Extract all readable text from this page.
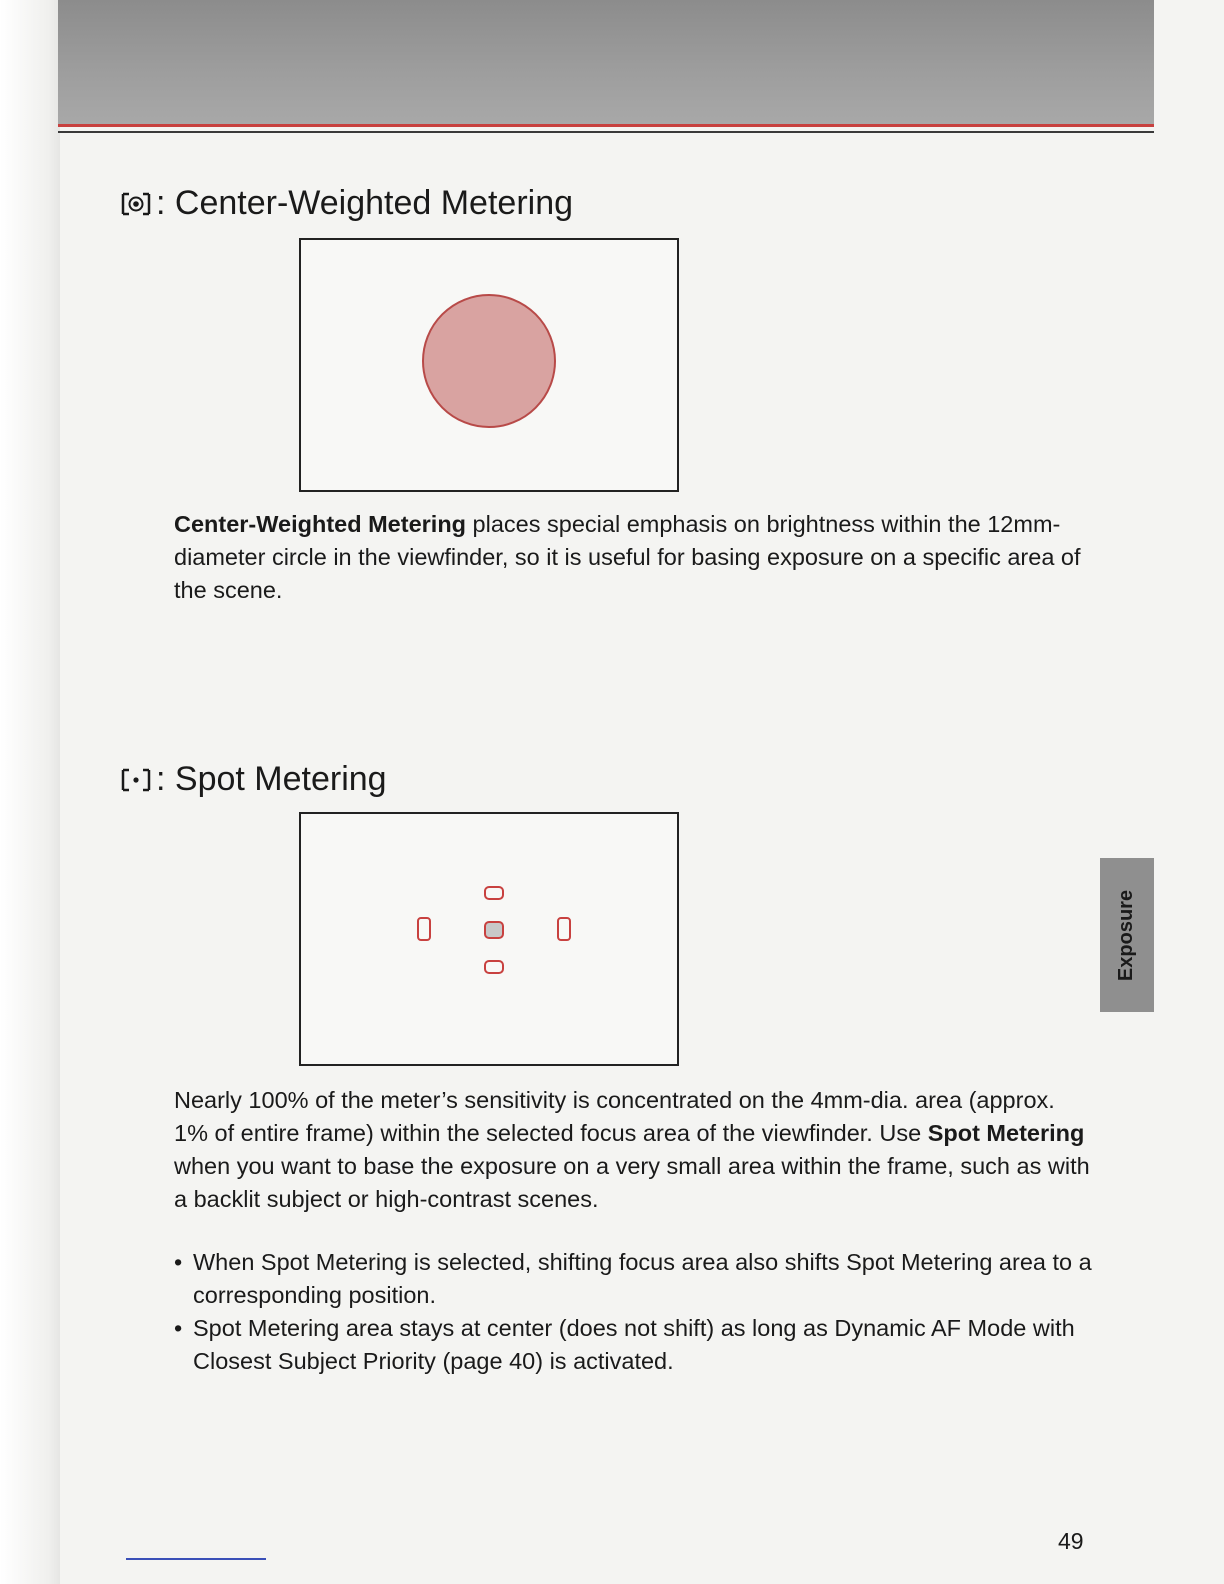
: Center-Weighted Metering
Center-Weighted Metering places special emphasis on brightness within the 12mm-diameter circle in the viewfinder, so it is useful for basing exposure on a specific area of the scene.
: Spot Metering
Nearly 100% of the meter’s sensitivity is concentrated on the 4mm-dia. area (approx. 1% of entire frame) within the selected focus area of the viewfinder. Use Spot Metering when you want to base the exposure on a very small area within the frame, such as with a backlit subject or high-contrast scenes.
• When Spot Metering is selected, shifting focus area also shifts Spot Metering area to a corresponding position.
• Spot Metering area stays at center (does not shift) as long as Dynamic AF Mode with Closest Subject Priority (page 40) is activated.
Exposure
49
